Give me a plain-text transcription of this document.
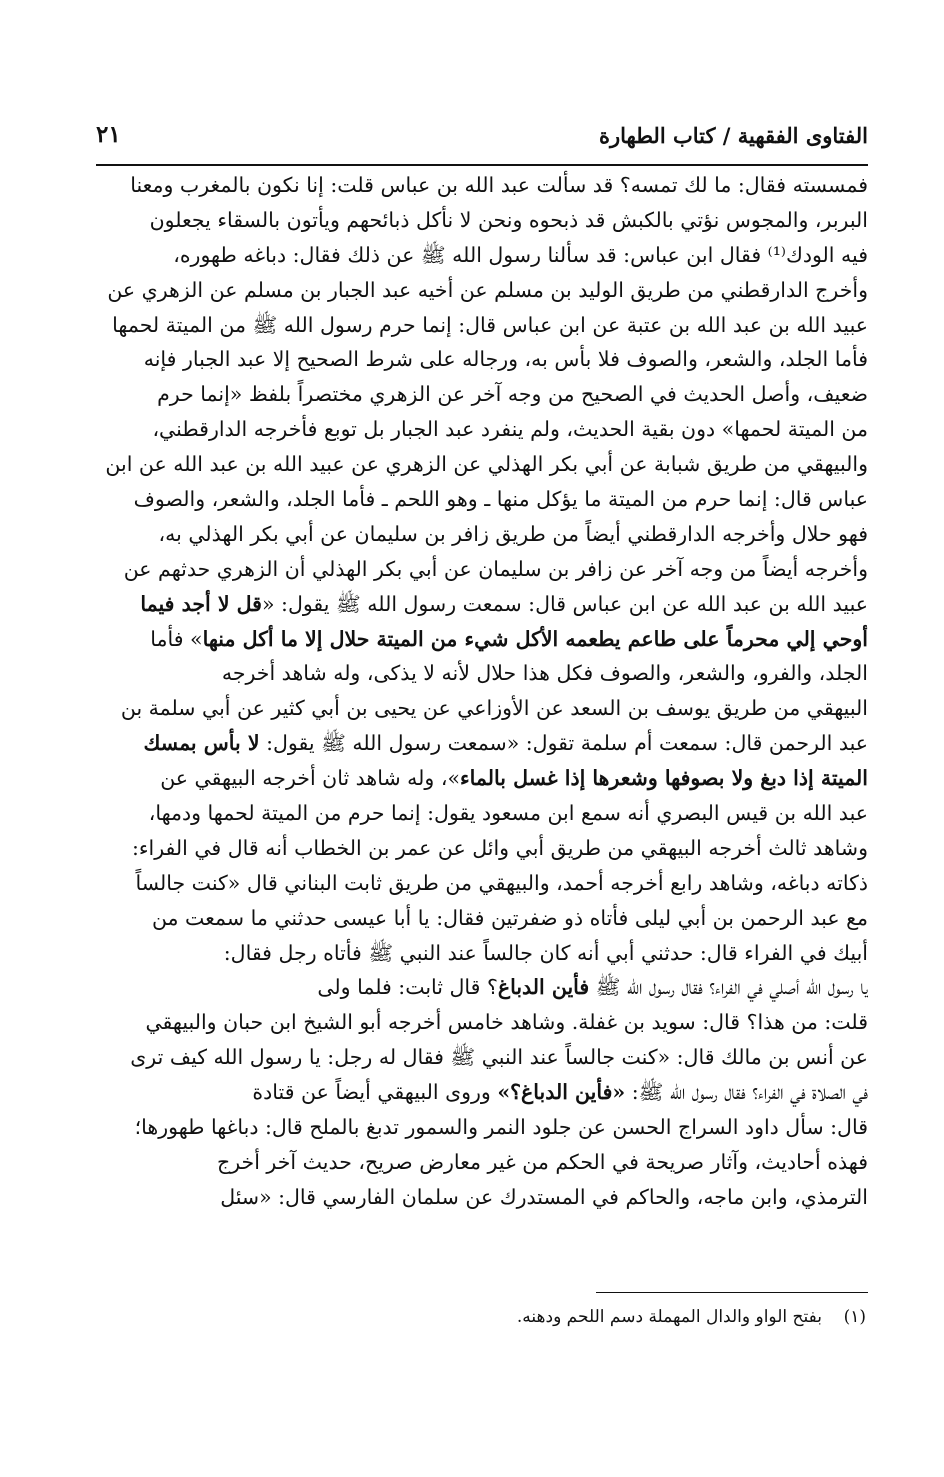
الفتاوى الفقهية / كتاب الطهارة
٢١
فمسسته فقال: ما لك تمسه؟ قد سألت عبد الله بن عباس قلت: إنا نكون بالمغرب ومعنا
البربر، والمجوس نؤتي بالكبش قد ذبحوه ونحن لا نأكل ذبائحهم ويأتون بالسقاء يجعلون
فيه الودك⁽¹⁾ فقال ابن عباس: قد سألنا رسول الله ﷺ عن ذلك فقال: دباغه طهوره،
وأخرج الدارقطني من طريق الوليد بن مسلم عن أخيه عبد الجبار بن مسلم عن الزهري عن
عبيد الله بن عبد الله بن عتبة عن ابن عباس قال: إنما حرم رسول الله ﷺ من الميتة لحمها
فأما الجلد، والشعر، والصوف فلا بأس به، ورجاله على شرط الصحيح إلا عبد الجبار فإنه
ضعيف، وأصل الحديث في الصحيح من وجه آخر عن الزهري مختصراً بلفظ «إنما حرم
من الميتة لحمها» دون بقية الحديث، ولم ينفرد عبد الجبار بل توبع فأخرجه الدارقطني،
والبيهقي من طريق شبابة عن أبي بكر الهذلي عن الزهري عن عبيد الله بن عبد الله عن ابن
عباس قال: إنما حرم من الميتة ما يؤكل منها ـ وهو اللحم ـ فأما الجلد، والشعر، والصوف
فهو حلال وأخرجه الدارقطني أيضاً من طريق زافر بن سليمان عن أبي بكر الهذلي به،
وأخرجه أيضاً من وجه آخر عن زافر بن سليمان عن أبي بكر الهذلي أن الزهري حدثهم عن
عبيد الله بن عبد الله عن ابن عباس قال: سمعت رسول الله ﷺ يقول: «قل لا أجد فيما
أوحي إلي محرماً على طاعم يطعمه الأكل شيء من الميتة حلال إلا ما أكل منها» فأما
الجلد، والفرو، والشعر، والصوف فكل هذا حلال لأنه لا يذكى، وله شاهد أخرجه
البيهقي من طريق يوسف بن السعد عن الأوزاعي عن يحيى بن أبي كثير عن أبي سلمة بن
عبد الرحمن قال: سمعت أم سلمة تقول: «سمعت رسول الله ﷺ يقول: لا بأس بمسك
الميتة إذا دبغ ولا بصوفها وشعرها إذا غسل بالماء»، وله شاهد ثان أخرجه البيهقي عن
عبد الله بن قيس البصري أنه سمع ابن مسعود يقول: إنما حرم من الميتة لحمها ودمها،
وشاهد ثالث أخرجه البيهقي من طريق أبي وائل عن عمر بن الخطاب أنه قال في الفراء:
ذكاته دباغه، وشاهد رابع أخرجه أحمد، والبيهقي من طريق ثابت البناني قال «كنت جالساً
مع عبد الرحمن بن أبي ليلى فأتاه ذو ضفرتين فقال: يا أبا عيسى حدثني ما سمعت من
أبيك في الفراء قال: حدثني أبي أنه كان جالساً عند النبي ﷺ فأتاه رجل فقال:
يا رسول الله أصلي في الفراء؟ فقال رسول الله ﷺ فأين الدباغ؟ قال ثابت: فلما ولى
قلت: من هذا؟ قال: سويد بن غفلة. وشاهد خامس أخرجه أبو الشيخ ابن حبان والبيهقي
عن أنس بن مالك قال: «كنت جالساً عند النبي ﷺ فقال له رجل: يا رسول الله كيف ترى
في الصلاة في الفراء؟ فقال رسول الله ﷺ: «فأين الدباغ؟» وروى البيهقي أيضاً عن قتادة
قال: سأل داود السراج الحسن عن جلود النمر والسمور تدبغ بالملح قال: دباغها طهورها؛
فهذه أحاديث، وآثار صريحة في الحكم من غير معارض صريح، حديث آخر أخرج
الترمذي، وابن ماجه، والحاكم في المستدرك عن سلمان الفارسي قال: «سئل
(١)    بفتح الواو والدال المهملة دسم اللحم ودهنه.
